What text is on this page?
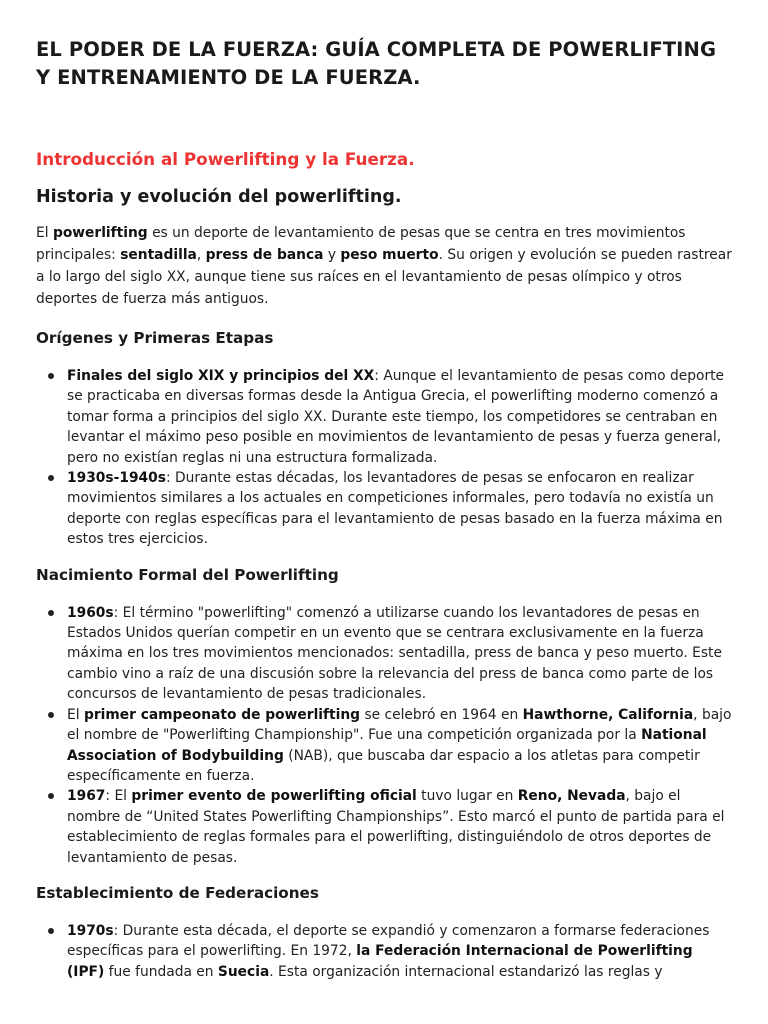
EL PODER DE LA FUERZA: GUÍA COMPLETA DE POWERLIFTING Y ENTRENAMIENTO DE LA FUERZA.
Introducción al Powerlifting y la Fuerza.
Historia y evolución del powerlifting.

El powerlifting es un deporte de levantamiento de pesas que se centra en tres movimientos principales: sentadilla, press de banca y peso muerto. Su origen y evolución se pueden rastrear a lo largo del siglo XX, aunque tiene sus raíces en el levantamiento de pesas olímpico y otros deportes de fuerza más antiguos.

Orígenes y Primeras Etapas
Finales del siglo XIX y principios del XX: Aunque el levantamiento de pesas como deporte se practicaba en diversas formas desde la Antigua Grecia, el powerlifting moderno comenzó a tomar forma a principios del siglo XX. Durante este tiempo, los competidores se centraban en levantar el máximo peso posible en movimientos de levantamiento de pesas y fuerza general, pero no existían reglas ni una estructura formalizada.
1930s-1940s: Durante estas décadas, los levantadores de pesas se enfocaron en realizar movimientos similares a los actuales en competiciones informales, pero todavía no existía un deporte con reglas específicas para el levantamiento de pesas basado en la fuerza máxima en estos tres ejercicios.
Nacimiento Formal del Powerlifting
1960s: El término "powerlifting" comenzó a utilizarse cuando los levantadores de pesas en Estados Unidos querían competir en un evento que se centrara exclusivamente en la fuerza máxima en los tres movimientos mencionados: sentadilla, press de banca y peso muerto. Este cambio vino a raíz de una discusión sobre la relevancia del press de banca como parte de los concursos de levantamiento de pesas tradicionales.
El primer campeonato de powerlifting se celebró en 1964 en Hawthorne, California, bajo el nombre de "Powerlifting Championship". Fue una competición organizada por la National Association of Bodybuilding (NAB), que buscaba dar espacio a los atletas para competir específicamente en fuerza.
1967: El primer evento de powerlifting oficial tuvo lugar en Reno, Nevada, bajo el nombre de “United States Powerlifting Championships”. Esto marcó el punto de partida para el establecimiento de reglas formales para el powerlifting, distinguiéndolo de otros deportes de levantamiento de pesas.
Establecimiento de Federaciones
1970s: Durante esta década, el deporte se expandió y comenzaron a formarse federaciones específicas para el powerlifting. En 1972, la Federación Internacional de Powerlifting (IPF) fue fundada en Suecia. Esta organización internacional estandarizó las reglas y
